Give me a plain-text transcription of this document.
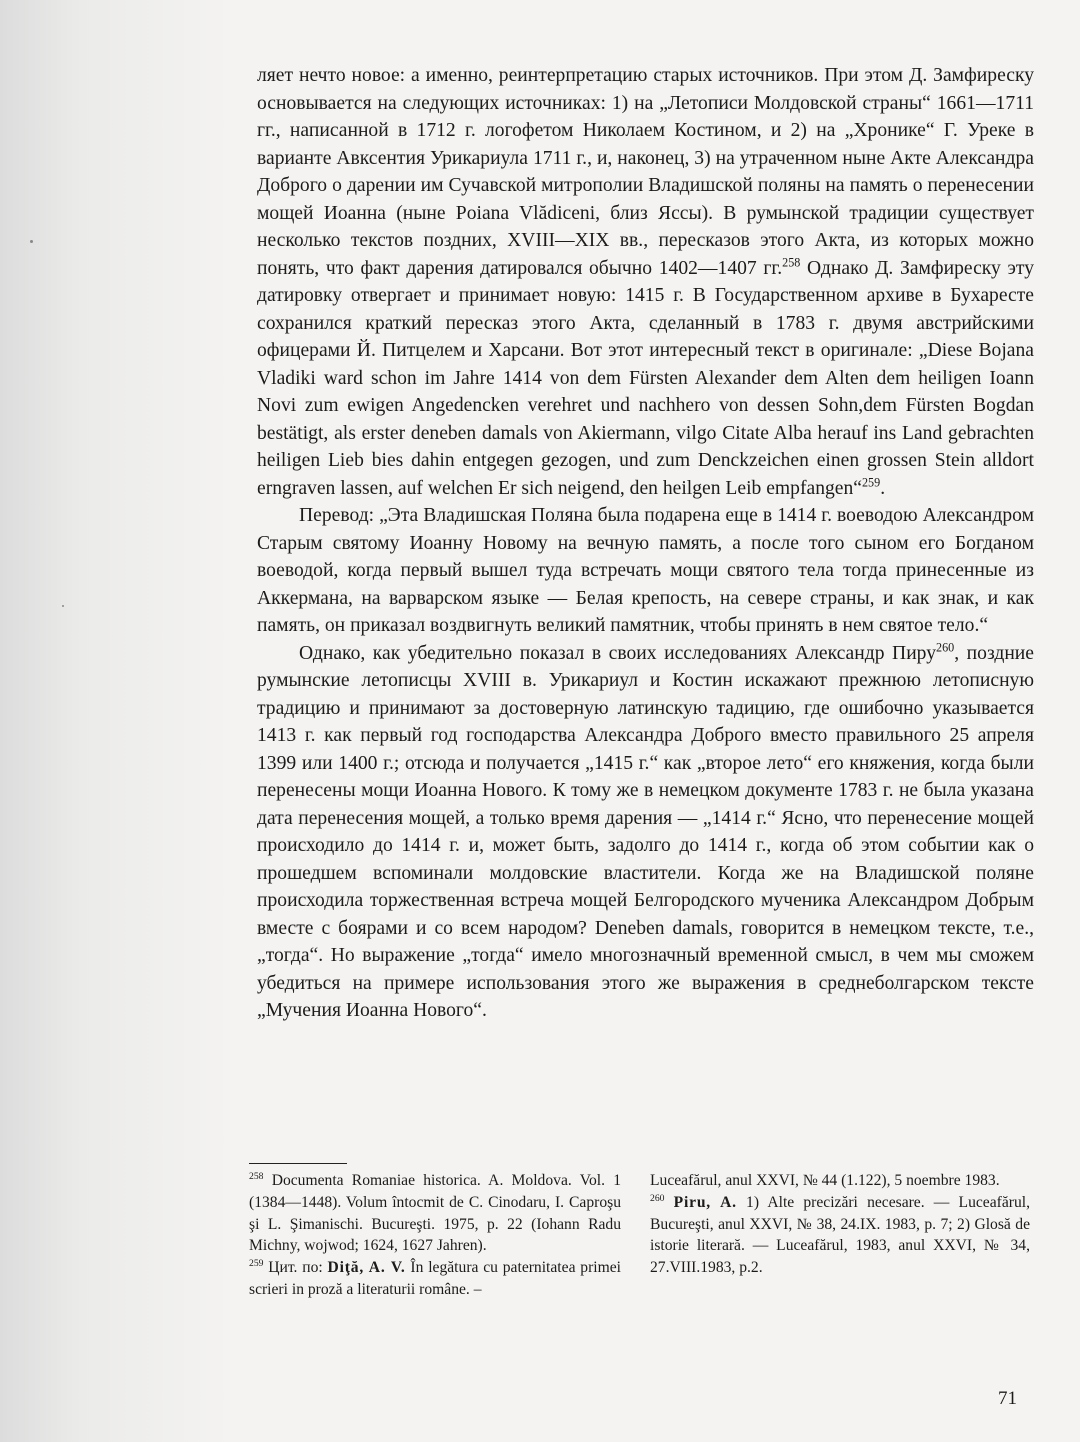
ляет нечто новое: а именно, реинтерпретацию старых источников. При этом Д. Замфиреску основывается на следующих источниках: 1) на „Летописи Молдовской страны“ 1661—1711 гг., написанной в 1712 г. логофетом Николаем Костином, и 2) на „Хронике“ Г. Уреке в варианте Авксентия Урикариула 1711 г., и, наконец, 3) на утраченном ныне Акте Александра Доброго о дарении им Сучавской митрополии Владишской поляны на память о перенесении мощей Иоанна (ныне Poiana Vlădiceni, близ Яссы). В румынской традиции существует несколько текстов поздних, XVIII—XIX вв., пересказов этого Акта, из которых можно понять, что факт дарения датировался обычно 1402—1407 гг.$^{258}$ Однако Д. Замфиреску эту датировку отвергает и принимает новую: 1415 г. В Государственном архиве в Бухаресте сохранился краткий пересказ этого Акта, сделанный в 1783 г. двумя австрийскими офицерами Й. Питцелем и Харсани. Вот этот интересный текст в оригинале: „Diese Bojana Vladiki ward schon im Jahre 1414 von dem Fürsten Alexander dem Alten dem heiligen Ioann Novi zum ewigen Angedencken verehret und nachhero von dessen Sohn,dem Fürsten Bogdan bestätigt, als erster deneben damals von Akiermann, vilgo Citate Alba herauf ins Land gebrachten heiligen Lieb bies dahin entgegen gezogen, und zum Denckzeichen einen grossen Stein alldort erngraven lassen, auf welchen Er sich neigend, den heilgen Leib empfangen“$^{259}$.

Перевод: „Эта Владишская Поляна была подарена еще в 1414 г. воеводою Александром Старым святому Иоанну Новому на вечную память, а после того сыном его Богданом воеводой, когда первый вышел туда встречать мощи святого тела тогда принесенные из Аккермана, на варварском языке — Белая крепость, на севере страны, и как знак, и как память, он приказал воздвигнуть великий памятник, чтобы принять в нем святое тело.“

Однако, как убедительно показал в своих исследованиях Александр Пиру$^{260}$, поздние румынские летописцы XVIII в. Урикариул и Костин искажают прежнюю летописную традицию и принимают за достоверную латинскую тадицию, где ошибочно указывается 1413 г. как первый год господарства Александра Доброго вместо правильного 25 апреля 1399 или 1400 г.; отсюда и получается „1415 г.“ как „второе лето“ его княжения, когда были перенесены мощи Иоанна Нового. К тому же в немецком документе 1783 г. не была указана дата перенесения мощей, а только время дарения — „1414 г.“ Ясно, что перенесение мощей происходило до 1414 г. и, может быть, задолго до 1414 г., когда об этом событии как о прошедшем вспоминали молдовские властители. Когда же на Владишской поляне происходила торжественная встреча мощей Белгородского мученика Александром Добрым вместе с боярами и со всем народом? Deneben damals, говорится в немецком тексте, т.е., „тогда“. Но выражение „тогда“ имело многозначный временной смысл, в чем мы сможем убедиться на примере использования этого же выражения в среднеболгарском тексте „Мучения Иоанна Нового“.

$^{258}$ Documenta Romaniae historica. A. Moldova. Vol. 1 (1384—1448). Volum întocmit de C. Cinodaru, I. Caproşu şi L. Şimanischi. Bucureşti. 1975, p. 22 (Iohann Radu Michny, wojwod; 1624, 1627 Jahren).

$^{259}$ Цит. по: Diţă, A. V. În legătura cu paternitatea primei scrieri in proză a literaturii române. –

Luceafărul, anul XXVI, № 44 (1.122), 5 noembre 1983.

$^{260}$ Piru, A. 1) Alte precizări necesare. — Luceafărul, Bucureşti, anul XXVI, № 38, 24.IX. 1983, p. 7; 2) Glosă de istorie literară. — Luceafărul, 1983, anul XXVI, № 34, 27.VIII.1983, p.2.

71
